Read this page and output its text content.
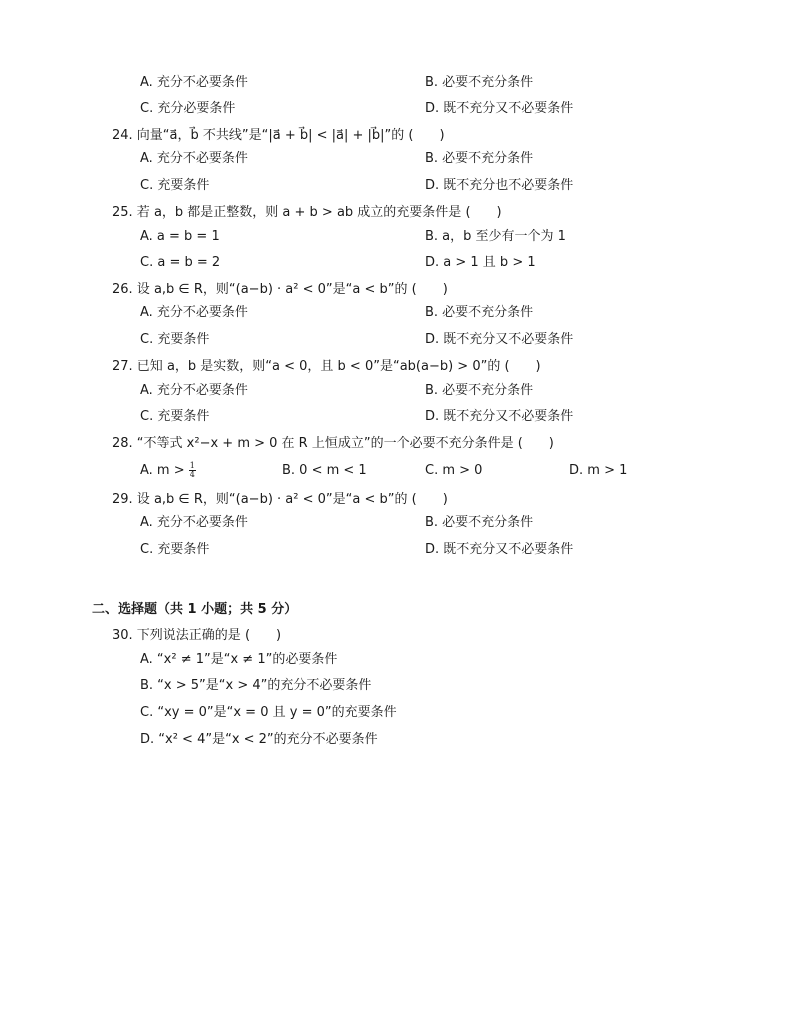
A. 充分不必要条件	B. 必要不充分条件
C. 充分必要条件	D. 既不充分又不必要条件
24. 向量“a⃗，b⃗ 不共线”是“|a⃗ + b⃗| < |a⃗| + |b⃗|”的 (　　)
A. 充分不必要条件	B. 必要不充分条件
C. 充要条件	D. 既不充分也不必要条件
25. 若 a，b 都是正整数，则 a + b > ab 成立的充要条件是 (　　)
A. a = b = 1	B. a，b 至少有一个为 1
C. a = b = 2	D. a > 1 且 b > 1
26. 设 a,b ∈ R，则“(a−b) · a² < 0”是“a < b”的 (　　)
A. 充分不必要条件	B. 必要不充分条件
C. 充要条件	D. 既不充分又不必要条件
27. 已知 a，b 是实数，则“a < 0，且 b < 0”是“ab(a−b) > 0”的 (　　)
A. 充分不必要条件	B. 必要不充分条件
C. 充要条件	D. 既不充分又不必要条件
28. “不等式 x²−x + m > 0 在 R 上恒成立”的一个必要不充分条件是 (　　)
A. $m > \frac{1}{4}$	B. 0 < m < 1	C. m > 0	D. m > 1
29. 设 a,b ∈ R，则“(a−b) · a² < 0”是“a < b”的 (　　)
A. 充分不必要条件	B. 必要不充分条件
C. 充要条件	D. 既不充分又不必要条件
二、选择题（共 1 小题；共 5 分）
30. 下列说法正确的是 (　　)
A. “x² ≠ 1”是“x ≠ 1”的必要条件
B. “x > 5”是“x > 4”的充分不必要条件
C. “xy = 0”是“x = 0 且 y = 0”的充要条件
D. “x² < 4”是“x < 2”的充分不必要条件
